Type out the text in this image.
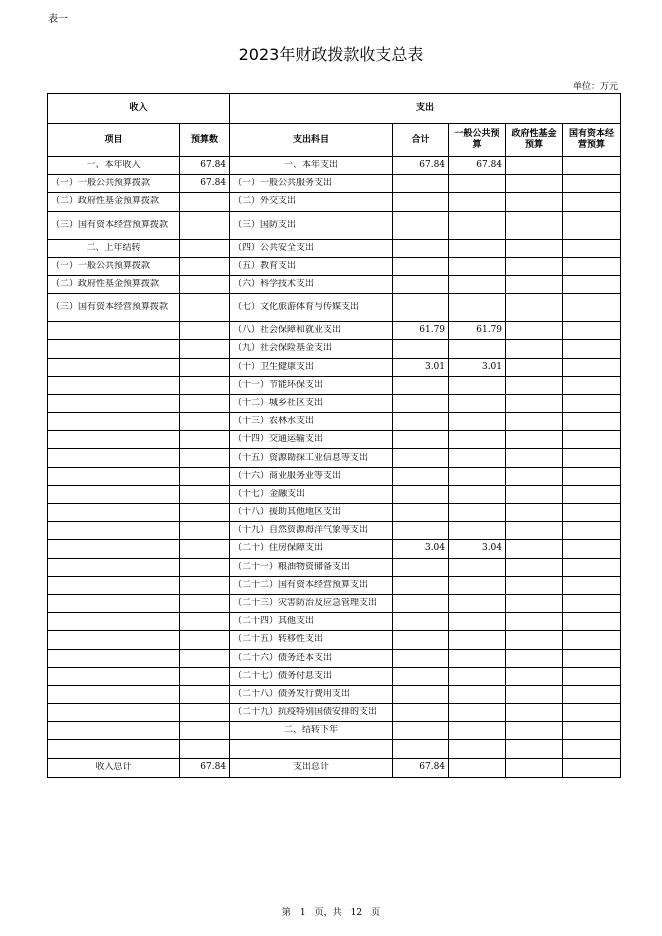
表一
2023年财政拨款收支总表
单位：万元
收入		支出				
项目	预算数	支出科目	合计	一般公共预算	政府性基金预算	国有资本经营预算

一、本年收入	67.84	一、本年支出	67.84	67.84		

（一）一般公共预算拨款	67.84	（一）一般公共服务支出				

（二）政府性基金预算拨款		（二）外交支出				

（三）国有资本经营预算拨款		（三）国防支出				

二、上年结转		（四）公共安全支出				

（一）一般公共预算拨款		（五）教育支出				

（二）政府性基金预算拨款		（六）科学技术支出				

（三）国有资本经营预算拨款		（七）文化旅游体育与传媒支出				

		（八）社会保障和就业支出	61.79	61.79		

		（九）社会保险基金支出				

		（十）卫生健康支出	3.01	3.01		

		（十一）节能环保支出				

		（十二）城乡社区支出				

		（十三）农林水支出				

		（十四）交通运输支出				

		（十五）资源勘探工业信息等支出				

		（十六）商业服务业等支出				

		（十七）金融支出				

		（十八）援助其他地区支出				

		（十九）自然资源海洋气象等支出				

		（二十）住房保障支出	3.04	3.04		

		（二十一）粮油物资储备支出				

		（二十二）国有资本经营预算支出				

		（二十三）灾害防治及应急管理支出				

		（二十四）其他支出				

		（二十五）转移性支出				

		（二十六）债务还本支出				

		（二十七）债务付息支出				

		（二十八）债务发行费用支出				

		（二十九）抗疫特别国债安排的支出				

		二、结转下年				

收入总计	67.84	支出总计	67.84			

第　1　页，共　12　页
